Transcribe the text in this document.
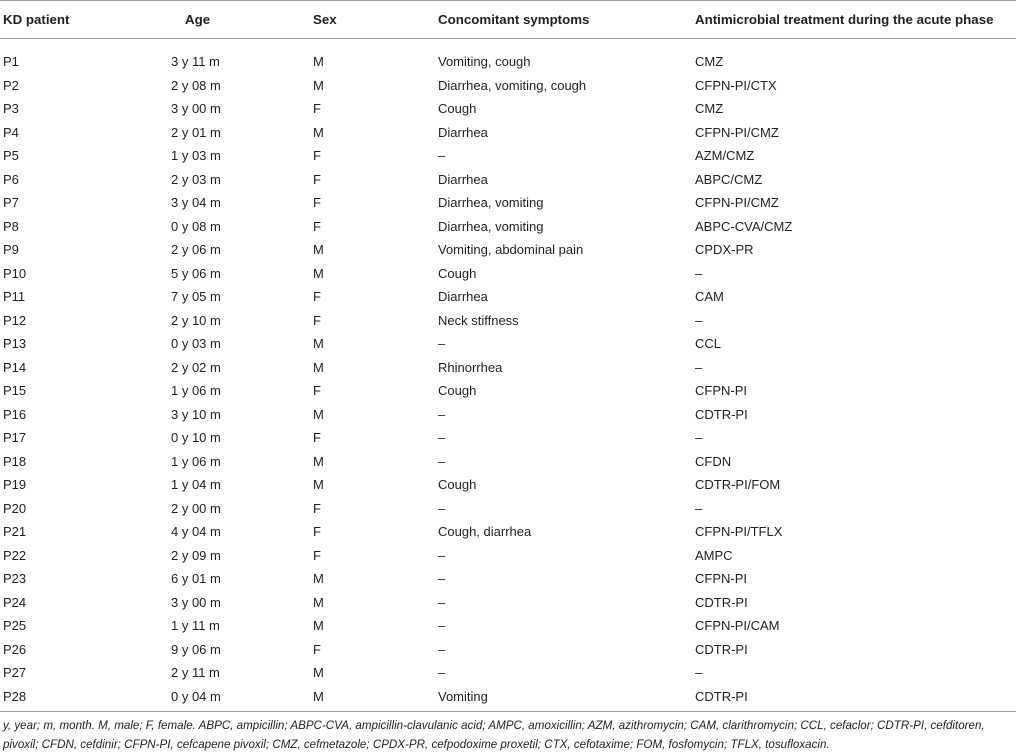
KD patient	Age	Sex	Concomitant symptoms	Antimicrobial treatment during the acute phase
P1	3 y 11 m	M	Vomiting, cough	CMZ
P2	2 y 08 m	M	Diarrhea, vomiting, cough	CFPN-PI/CTX
P3	3 y 00 m	F	Cough	CMZ
P4	2 y 01 m	M	Diarrhea	CFPN-PI/CMZ
P5	1 y 03 m	F	–	AZM/CMZ
P6	2 y 03 m	F	Diarrhea	ABPC/CMZ
P7	3 y 04 m	F	Diarrhea, vomiting	CFPN-PI/CMZ
P8	0 y 08 m	F	Diarrhea, vomiting	ABPC-CVA/CMZ
P9	2 y 06 m	M	Vomiting, abdominal pain	CPDX-PR
P10	5 y 06 m	M	Cough	–
P11	7 y 05 m	F	Diarrhea	CAM
P12	2 y 10 m	F	Neck stiffness	–
P13	0 y 03 m	M	–	CCL
P14	2 y 02 m	M	Rhinorrhea	–
P15	1 y 06 m	F	Cough	CFPN-PI
P16	3 y 10 m	M	–	CDTR-PI
P17	0 y 10 m	F	–	–
P18	1 y 06 m	M	–	CFDN
P19	1 y 04 m	M	Cough	CDTR-PI/FOM
P20	2 y 00 m	F	–	–
P21	4 y 04 m	F	Cough, diarrhea	CFPN-PI/TFLX
P22	2 y 09 m	F	–	AMPC
P23	6 y 01 m	M	–	CFPN-PI
P24	3 y 00 m	M	–	CDTR-PI
P25	1 y 11 m	M	–	CFPN-PI/CAM
P26	9 y 06 m	F	–	CDTR-PI
P27	2 y 11 m	M	–	–
P28	0 y 04 m	M	Vomiting	CDTR-PI
y, year; m, month. M, male; F, female. ABPC, ampicillin; ABPC-CVA, ampicillin-clavulanic acid; AMPC, amoxicillin; AZM, azithromycin; CAM, clarithromycin; CCL, cefaclor; CDTR-PI, cefditoren, pivoxil; CFDN, cefdinir; CFPN-PI, cefcapene pivoxil; CMZ, cefmetazole; CPDX-PR, cefpodoxime proxetil; CTX, cefotaxime; FOM, fosfomycin; TFLX, tosufloxacin.
